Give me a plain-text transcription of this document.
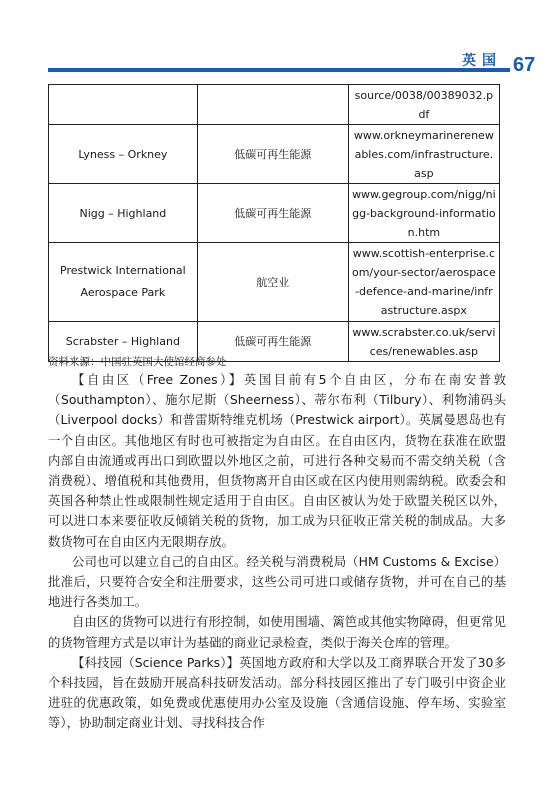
英国 67
		source/0038/00389032.pdf
Lyness – Orkney	低碳可再生能源	www.orkneymarinerenewables.com/infrastructure.asp
Nigg – Highland	低碳可再生能源	www.gegroup.com/nigg/nigg-background-information.htm
Prestwick International Aerospace Park	航空业	www.scottish-enterprise.com/your-sector/aerospace-defence-and-marine/infrastructure.aspx
Scrabster – Highland	低碳可再生能源	www.scrabster.co.uk/services/renewables.asp
资料来源：中国驻英国大使馆经商参处

【自由区（Free Zones）】英国目前有5个自由区，分布在南安普敦（Southampton）、施尔尼斯（Sheerness）、蒂尔布利（Tilbury）、利物浦码头（Liverpool docks）和普雷斯特维克机场（Prestwick airport）。英属曼恩岛也有一个自由区。其他地区有时也可被指定为自由区。在自由区内，货物在获准在欧盟内部自由流通或再出口到欧盟以外地区之前，可进行各种交易而不需交纳关税（含消费税）、增值税和其他费用，但货物离开自由区或在区内使用则需纳税。欧委会和英国各种禁止性或限制性规定适用于自由区。自由区被认为处于欧盟关税区以外，可以进口本来要征收反倾销关税的货物，加工成为只征收正常关税的制成品。大多数货物可在自由区内无限期存放。

公司也可以建立自己的自由区。经关税与消费税局（HM Customs & Excise）批准后，只要符合安全和注册要求，这些公司可进口或储存货物，并可在自己的基地进行各类加工。

自由区的货物可以进行有形控制，如使用围墙、篱笆或其他实物障碍，但更常见的货物管理方式是以审计为基础的商业记录检查，类似于海关仓库的管理。

【科技园（Science Parks）】英国地方政府和大学以及工商界联合开发了30多个科技园，旨在鼓励开展高科技研发活动。部分科技园区推出了专门吸引中资企业进驻的优惠政策，如免费或优惠使用办公室及设施（含通信设施、停车场、实验室等），协助制定商业计划、寻找科技合作
